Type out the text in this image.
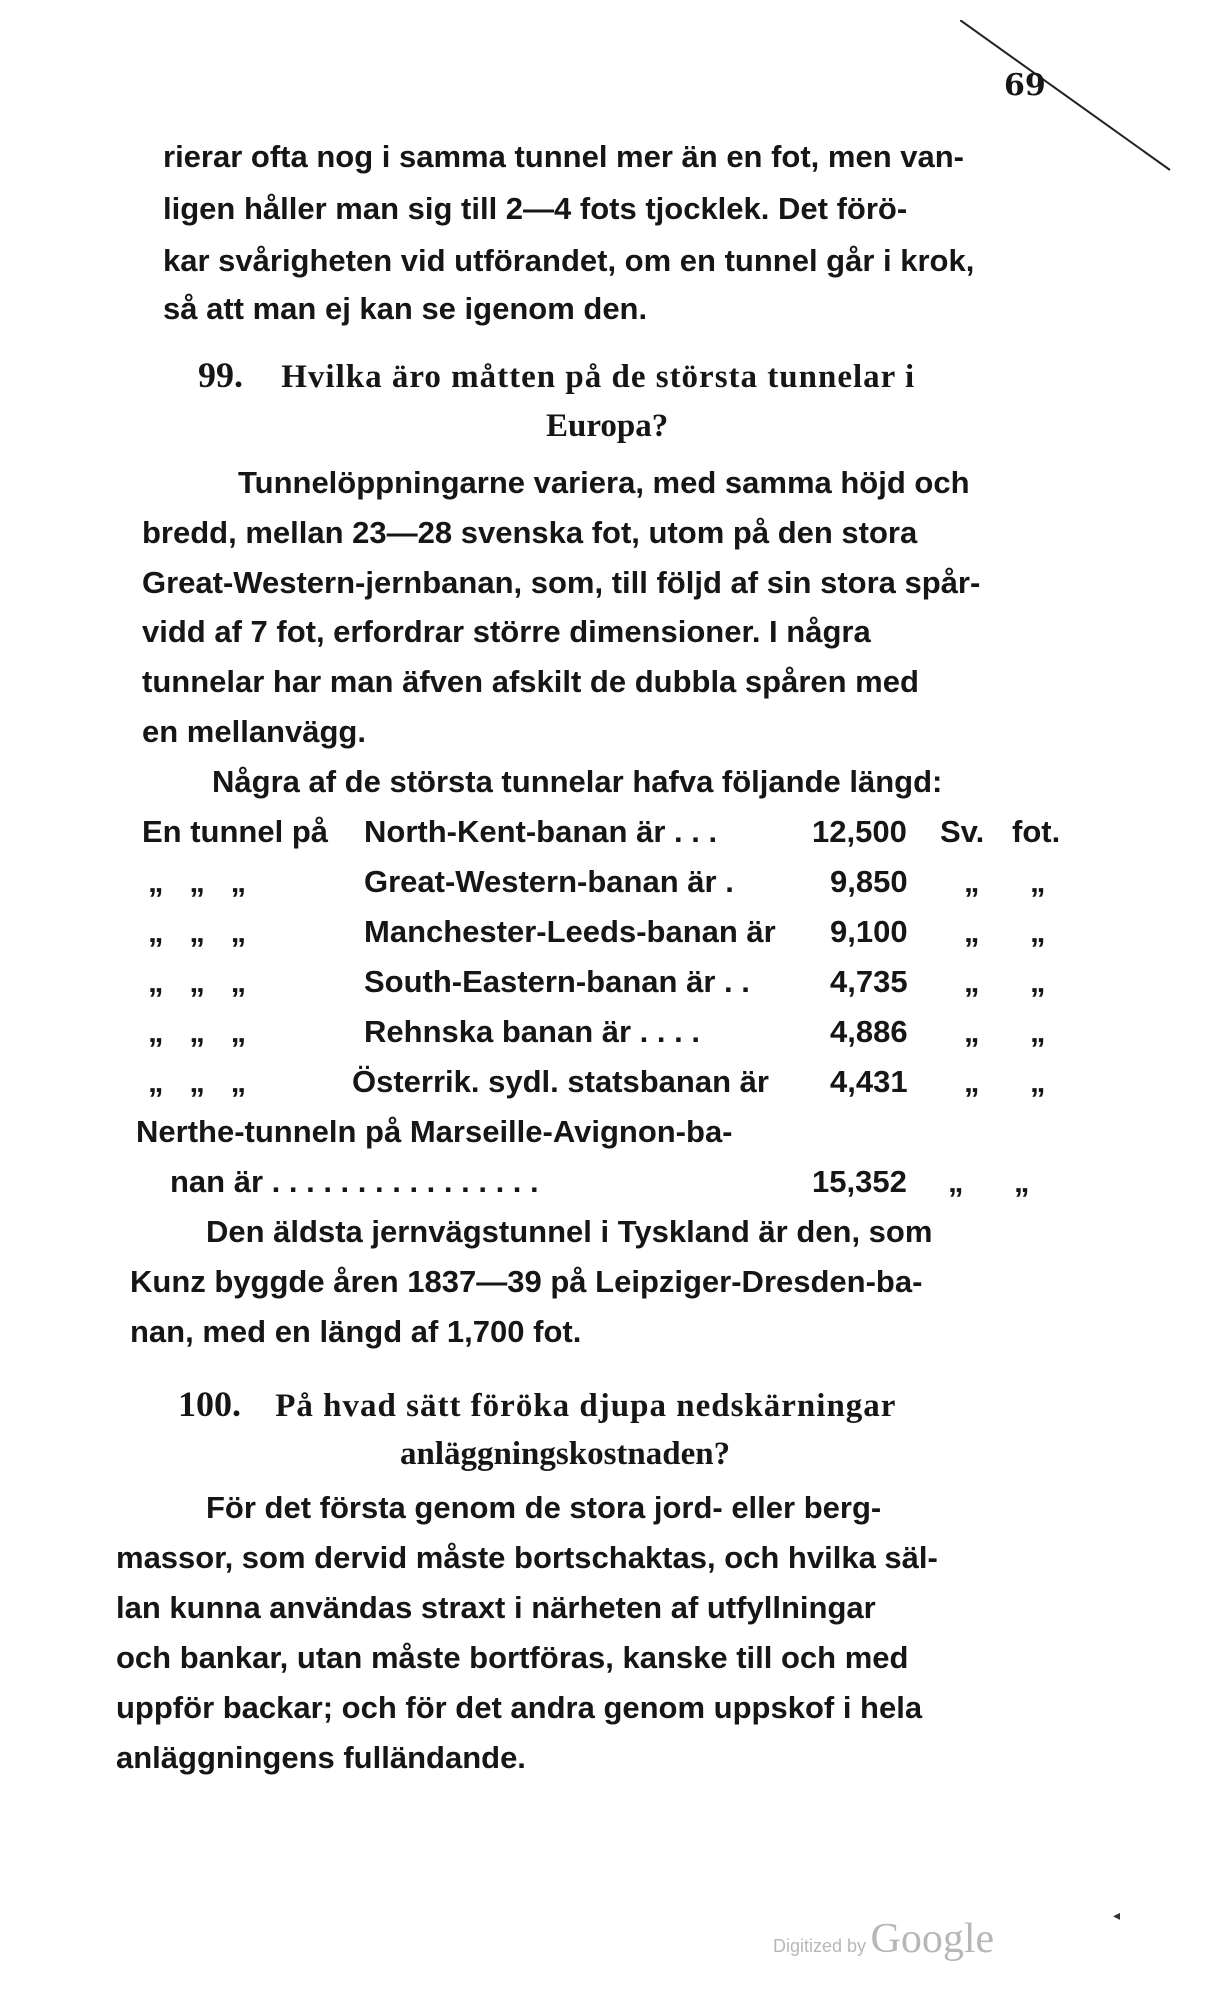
69
rierar ofta nog i samma tunnel mer än en fot, men van-
ligen håller man sig till 2—4 fots tjocklek. Det förö-
kar svårigheten vid utförandet, om en tunnel går i krok,
så att man ej kan se igenom den.
99. Hvilka äro måtten på de största tunnelar i
Europa?
Tunnelöppningarne variera, med samma höjd och
bredd, mellan 23—28 svenska fot, utom på den stora
Great-Western-jernbanan, som, till följd af sin stora spår-
vidd af 7 fot, erfordrar större dimensioner. I några
tunnelar har man äfven afskilt de dubbla spåren med
en mellanvägg.
Några af de största tunnelar hafva följande längd:
En tunnel på North-Kent-banan är . . .	12,500 Sv. fot.
„   „   „	Great-Western-banan är .	9,850 „ „
„   „   „	Manchester-Leeds-banan är 9,100 „ „
„   „   „	South-Eastern-banan är . .	4,735 „ „
„   „   „	Rehnska banan är . . . .	4,886 „ „
„   „   „	Österrik. sydl. statsbanan är 4,431 „ „
Nerthe-tunneln på Marseille-Avignon-ba-
nan är . . . . . . . . . . . . . . . .	15,352 „ „
Den äldsta jernvägstunnel i Tyskland är den, som
Kunz byggde åren 1837—39 på Leipziger-Dresden-ba-
nan, med en längd af 1,700 fot.
100. På hvad sätt föröka djupa nedskärningar
anläggningskostnaden?
För det första genom de stora jord- eller berg-
massor, som dervid måste bortschaktas, och hvilka säl-
lan kunna användas straxt i närheten af utfyllningar
och bankar, utan måste bortföras, kanske till och med
uppför backar; och för det andra genom uppskof i hela
anläggningens fulländande.
Digitized by Google	◂
